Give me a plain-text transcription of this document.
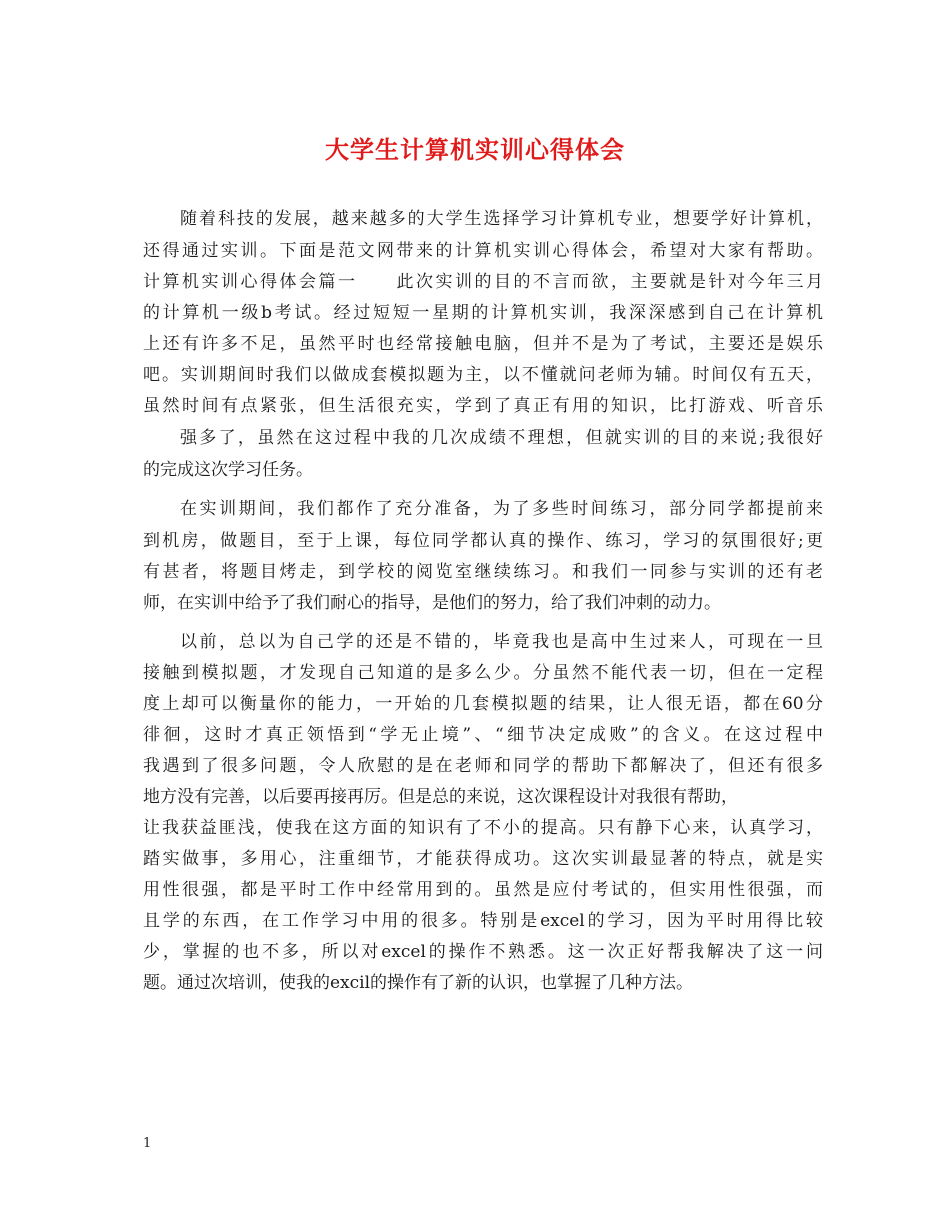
大学生计算机实训心得体会
随着科技的发展，越来越多的大学生选择学习计算机专业，想要学好计算机，
还得通过实训。下面是范文网带来的计算机实训心得体会，希望对大家有帮助。
计算机实训心得体会篇一　　此次实训的目的不言而欲，主要就是针对今年三月
的计算机一级b考试。经过短短一星期的计算机实训，我深深感到自己在计算机
上还有许多不足，虽然平时也经常接触电脑，但并不是为了考试，主要还是娱乐
吧。实训期间时我们以做成套模拟题为主，以不懂就问老师为辅。时间仅有五天，
虽然时间有点紧张，但生活很充实，学到了真正有用的知识，比打游戏、听音乐
强多了，虽然在这过程中我的几次成绩不理想，但就实训的目的来说;我很好
的完成这次学习任务。
在实训期间，我们都作了充分准备，为了多些时间练习，部分同学都提前来
到机房，做题目，至于上课，每位同学都认真的操作、练习，学习的氛围很好;更
有甚者，将题目烤走，到学校的阅览室继续练习。和我们一同参与实训的还有老
师，在实训中给予了我们耐心的指导，是他们的努力，给了我们冲刺的动力。
以前，总以为自己学的还是不错的，毕竟我也是高中生过来人，可现在一旦
接触到模拟题，才发现自己知道的是多么少。分虽然不能代表一切，但在一定程
度上却可以衡量你的能力，一开始的几套模拟题的结果，让人很无语，都在60分
徘徊，这时才真正领悟到“学无止境”、“细节决定成败”的含义。在这过程中
我遇到了很多问题，令人欣慰的是在老师和同学的帮助下都解决了，但还有很多
地方没有完善，以后要再接再厉。但是总的来说，这次课程设计对我很有帮助，
让我获益匪浅，使我在这方面的知识有了不小的提高。只有静下心来，认真学习，
踏实做事，多用心，注重细节，才能获得成功。这次实训最显著的特点，就是实
用性很强，都是平时工作中经常用到的。虽然是应付考试的，但实用性很强，而
且学的东西，在工作学习中用的很多。特别是excel的学习，因为平时用得比较
少，掌握的也不多，所以对excel的操作不熟悉。这一次正好帮我解决了这一问
题。通过次培训，使我的excil的操作有了新的认识，也掌握了几种方法。
1
